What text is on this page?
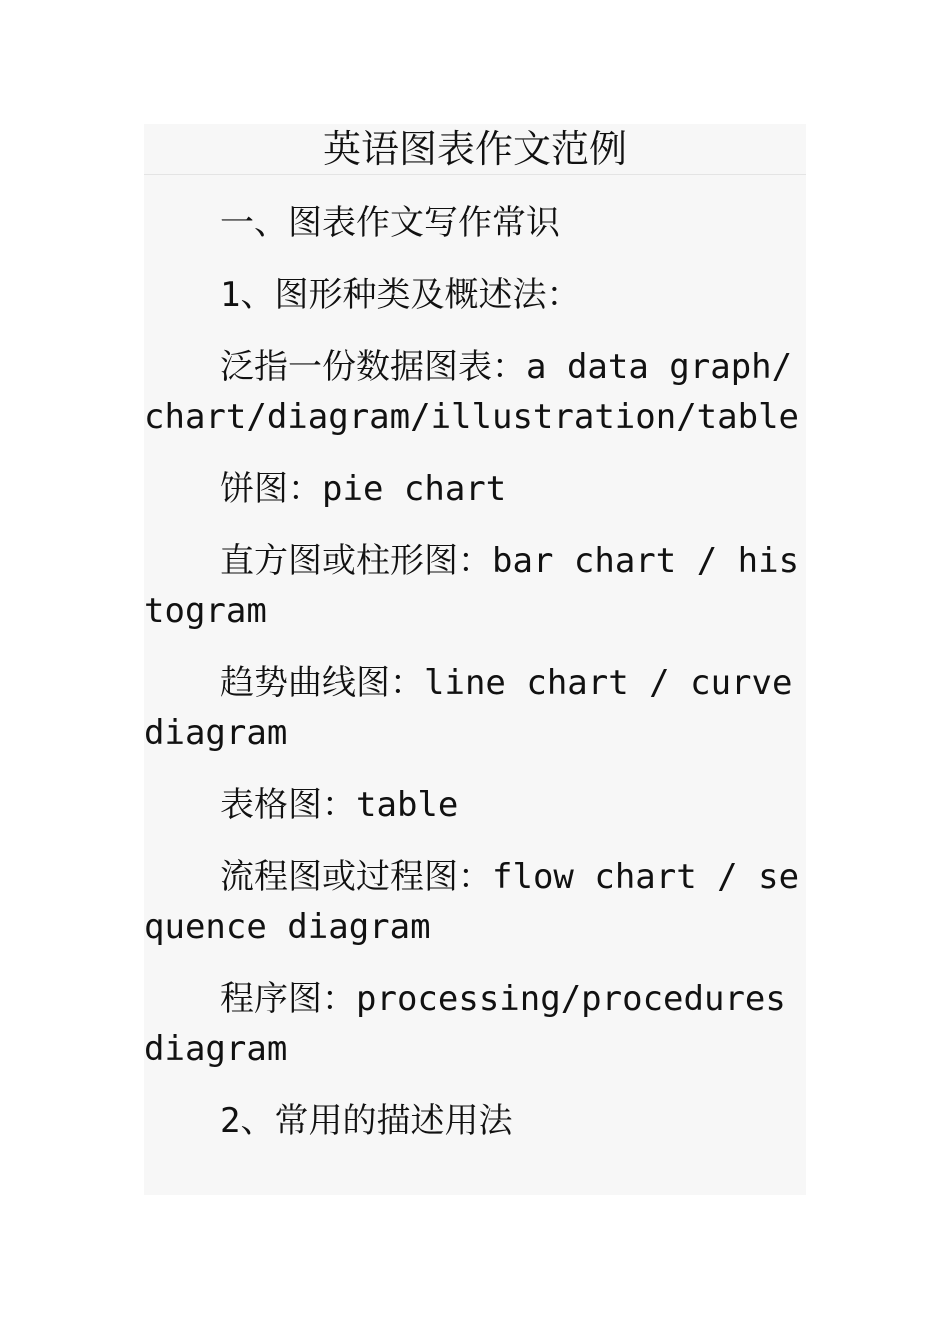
英语图表作文范例

一、图表作文写作常识

1、图形种类及概述法：

泛指一份数据图表：a data graph/chart/diagram/illustration/table

饼图：pie chart

直方图或柱形图：bar chart / histogram

趋势曲线图：line chart / curve diagram

表格图：table

流程图或过程图：flow chart / sequence diagram

程序图：processing/procedures diagram

2、常用的描述用法
